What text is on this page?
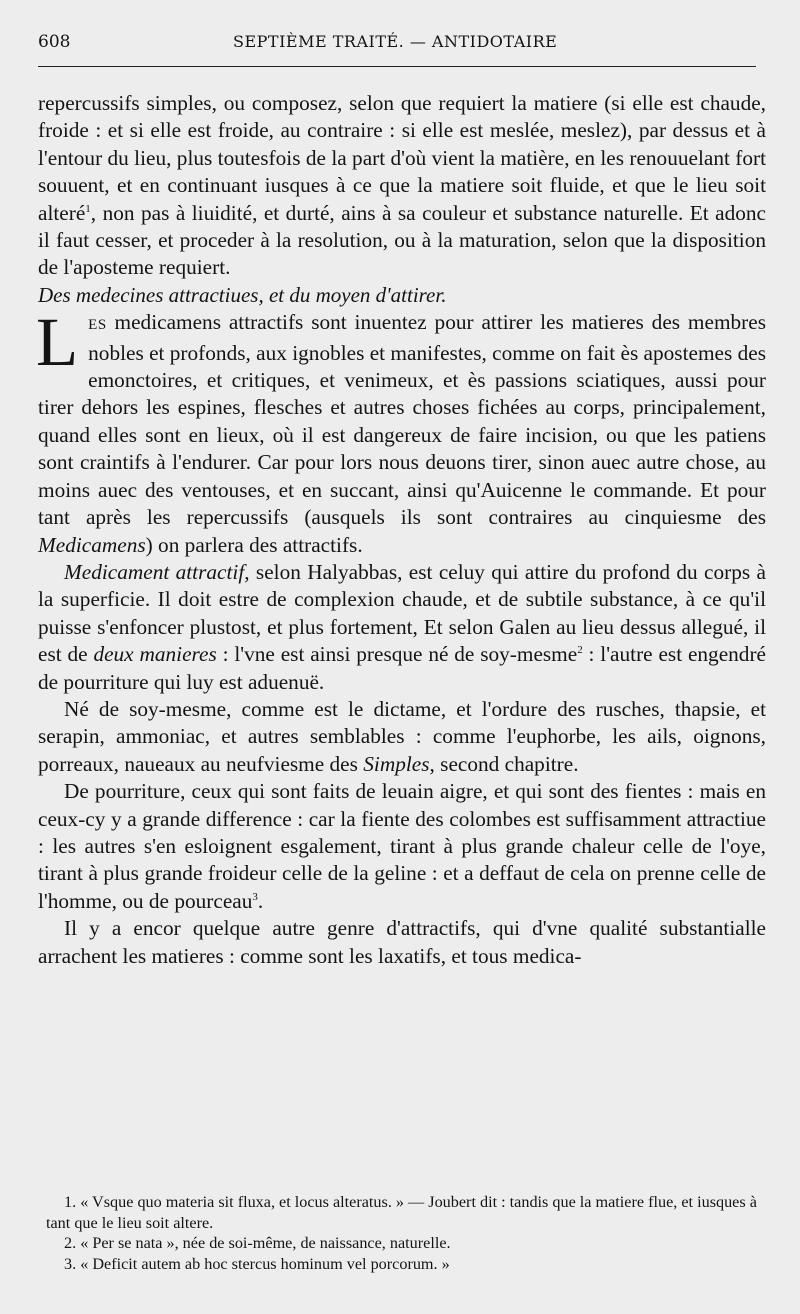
608	SEPTIÈME TRAITÉ. — ANTIDOTAIRE

repercussifs simples, ou composez, selon que requiert la matiere (si elle est chaude, froide : et si elle est froide, au contraire : si elle est meslée, meslez), par dessus et à l'entour du lieu, plus toutesfois de la part d'où vient la matière, en les renouuelant fort souuent, et en continuant iusques à ce que la matiere soit fluide, et que le lieu soit alteré$^1$, non pas à liuidité, et durté, ains à sa couleur et substance naturelle. Et adonc il faut cesser, et proceder à la resolution, ou à la maturation, selon que la disposition de l'aposteme requiert.

Des medecines attractiues, et du moyen d'attirer.

LES medicamens attractifs sont inuentez pour attirer les matieres des membres nobles et profonds, aux ignobles et manifestes, comme on fait ès apostemes des emonctoires, et critiques, et venimeux, et ès passions sciatiques, aussi pour tirer dehors les espines, flesches et autres choses fichées au corps, principalement, quand elles sont en lieux, où il est dangereux de faire incision, ou que les patiens sont craintifs à l'endurer. Car pour lors nous deuons tirer, sinon auec autre chose, au moins auec des ventouses, et en succant, ainsi qu'Auicenne le commande. Et pour tant après les repercussifs (ausquels ils sont contraires au cinquiesme des Medicamens) on parlera des attractifs.

Medicament attractif, selon Halyabbas, est celuy qui attire du profond du corps à la superficie. Il doit estre de complexion chaude, et de subtile substance, à ce qu'il puisse s'enfoncer plustost, et plus fortement, Et selon Galen au lieu dessus allegué, il est de deux manieres : l'vne est ainsi presque né de soy-mesme$^2$ : l'autre est engendré de pourriture qui luy est aduenuë.

Né de soy-mesme, comme est le dictame, et l'ordure des rusches, thapsie, et serapin, ammoniac, et autres semblables : comme l'euphorbe, les ails, oignons, porreaux, naueaux au neufviesme des Simples, second chapitre.

De pourriture, ceux qui sont faits de leuain aigre, et qui sont des fientes : mais en ceux-cy y a grande difference : car la fiente des colombes est suffisamment attractiue : les autres s'en esloignent esgalement, tirant à plus grande chaleur celle de l'oye, tirant à plus grande froideur celle de la geline : et a deffaut de cela on prenne celle de l'homme, ou de pourceau$^3$.

Il y a encor quelque autre genre d'attractifs, qui d'vne qualité substantialle arrachent les matieres : comme sont les laxatifs, et tous medica-

1. « Vsque quo materia sit fluxa, et locus alteratus. » — Joubert dit : tandis que la matiere flue, et iusques à tant que le lieu soit altere.

2. « Per se nata », née de soi-même, de naissance, naturelle.

3. « Deficit autem ab hoc stercus hominum vel porcorum. »
